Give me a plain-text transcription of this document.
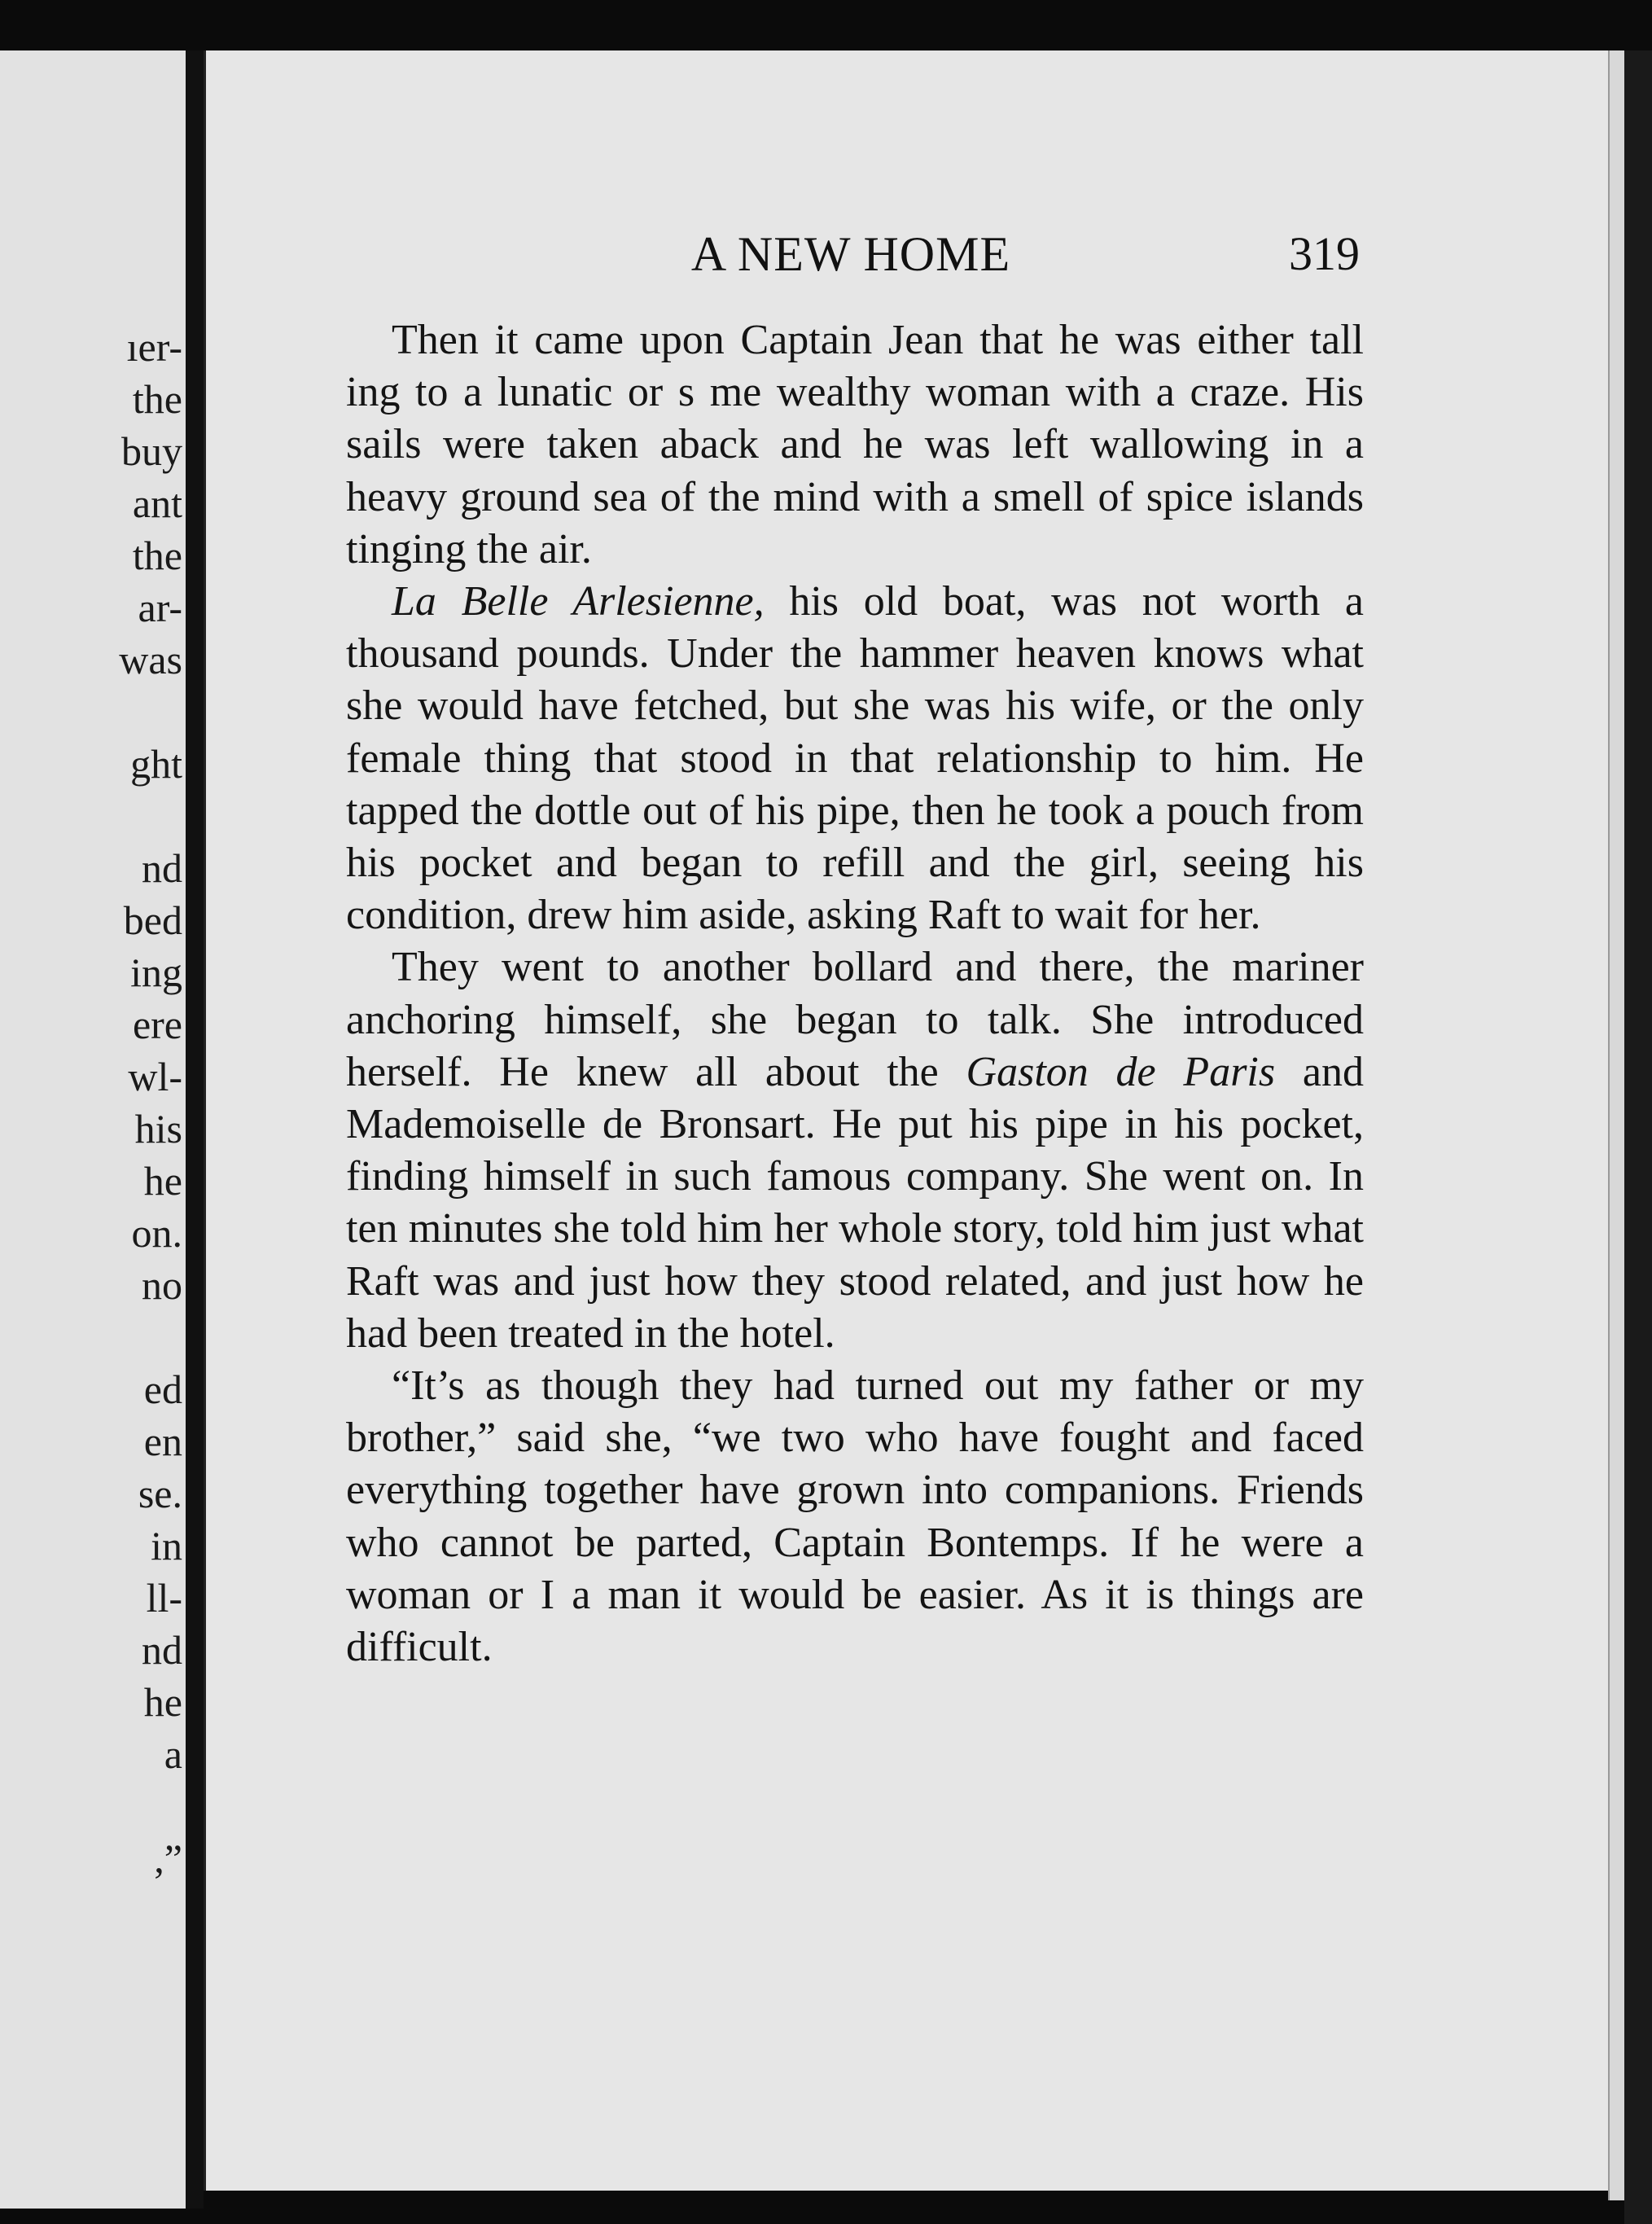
ıer-
the
buy
ant
the
ar-
was
ght
nd
bed
ing
ere
wl-
his
he
on.
no
ed
en
se.
in
ll-
nd
he
a
,”
A NEW HOME	319

Then it came upon Captain Jean that he was either tall ing to a lunatic or s me wealthy woman with a craze. His sails were taken aback and he was left wallowing in a heavy ground sea of the mind with a smell of spice islands tinging the air.

La Belle Arlesienne, his old boat, was not worth a thousand pounds. Under the hammer heaven knows what she would have fetched, but she was his wife, or the only female thing that stood in that relationship to him. He tapped the dottle out of his pipe, then he took a pouch from his pocket and began to refill and the girl, seeing his condition, drew him aside, asking Raft to wait for her.

They went to another bollard and there, the mariner anchoring himself, she began to talk. She introduced herself. He knew all about the Gaston de Paris and Mademoiselle de Bronsart. He put his pipe in his pocket, finding himself in such famous company. She went on. In ten minutes she told him her whole story, told him just what Raft was and just how they stood related, and just how he had been treated in the hotel.

“It’s as though they had turned out my father or my brother,” said she, “we two who have fought and faced everything together have grown into companions. Friends who cannot be parted, Captain Bontemps. If he were a woman or I a man it would be easier. As it is things are difficult.
